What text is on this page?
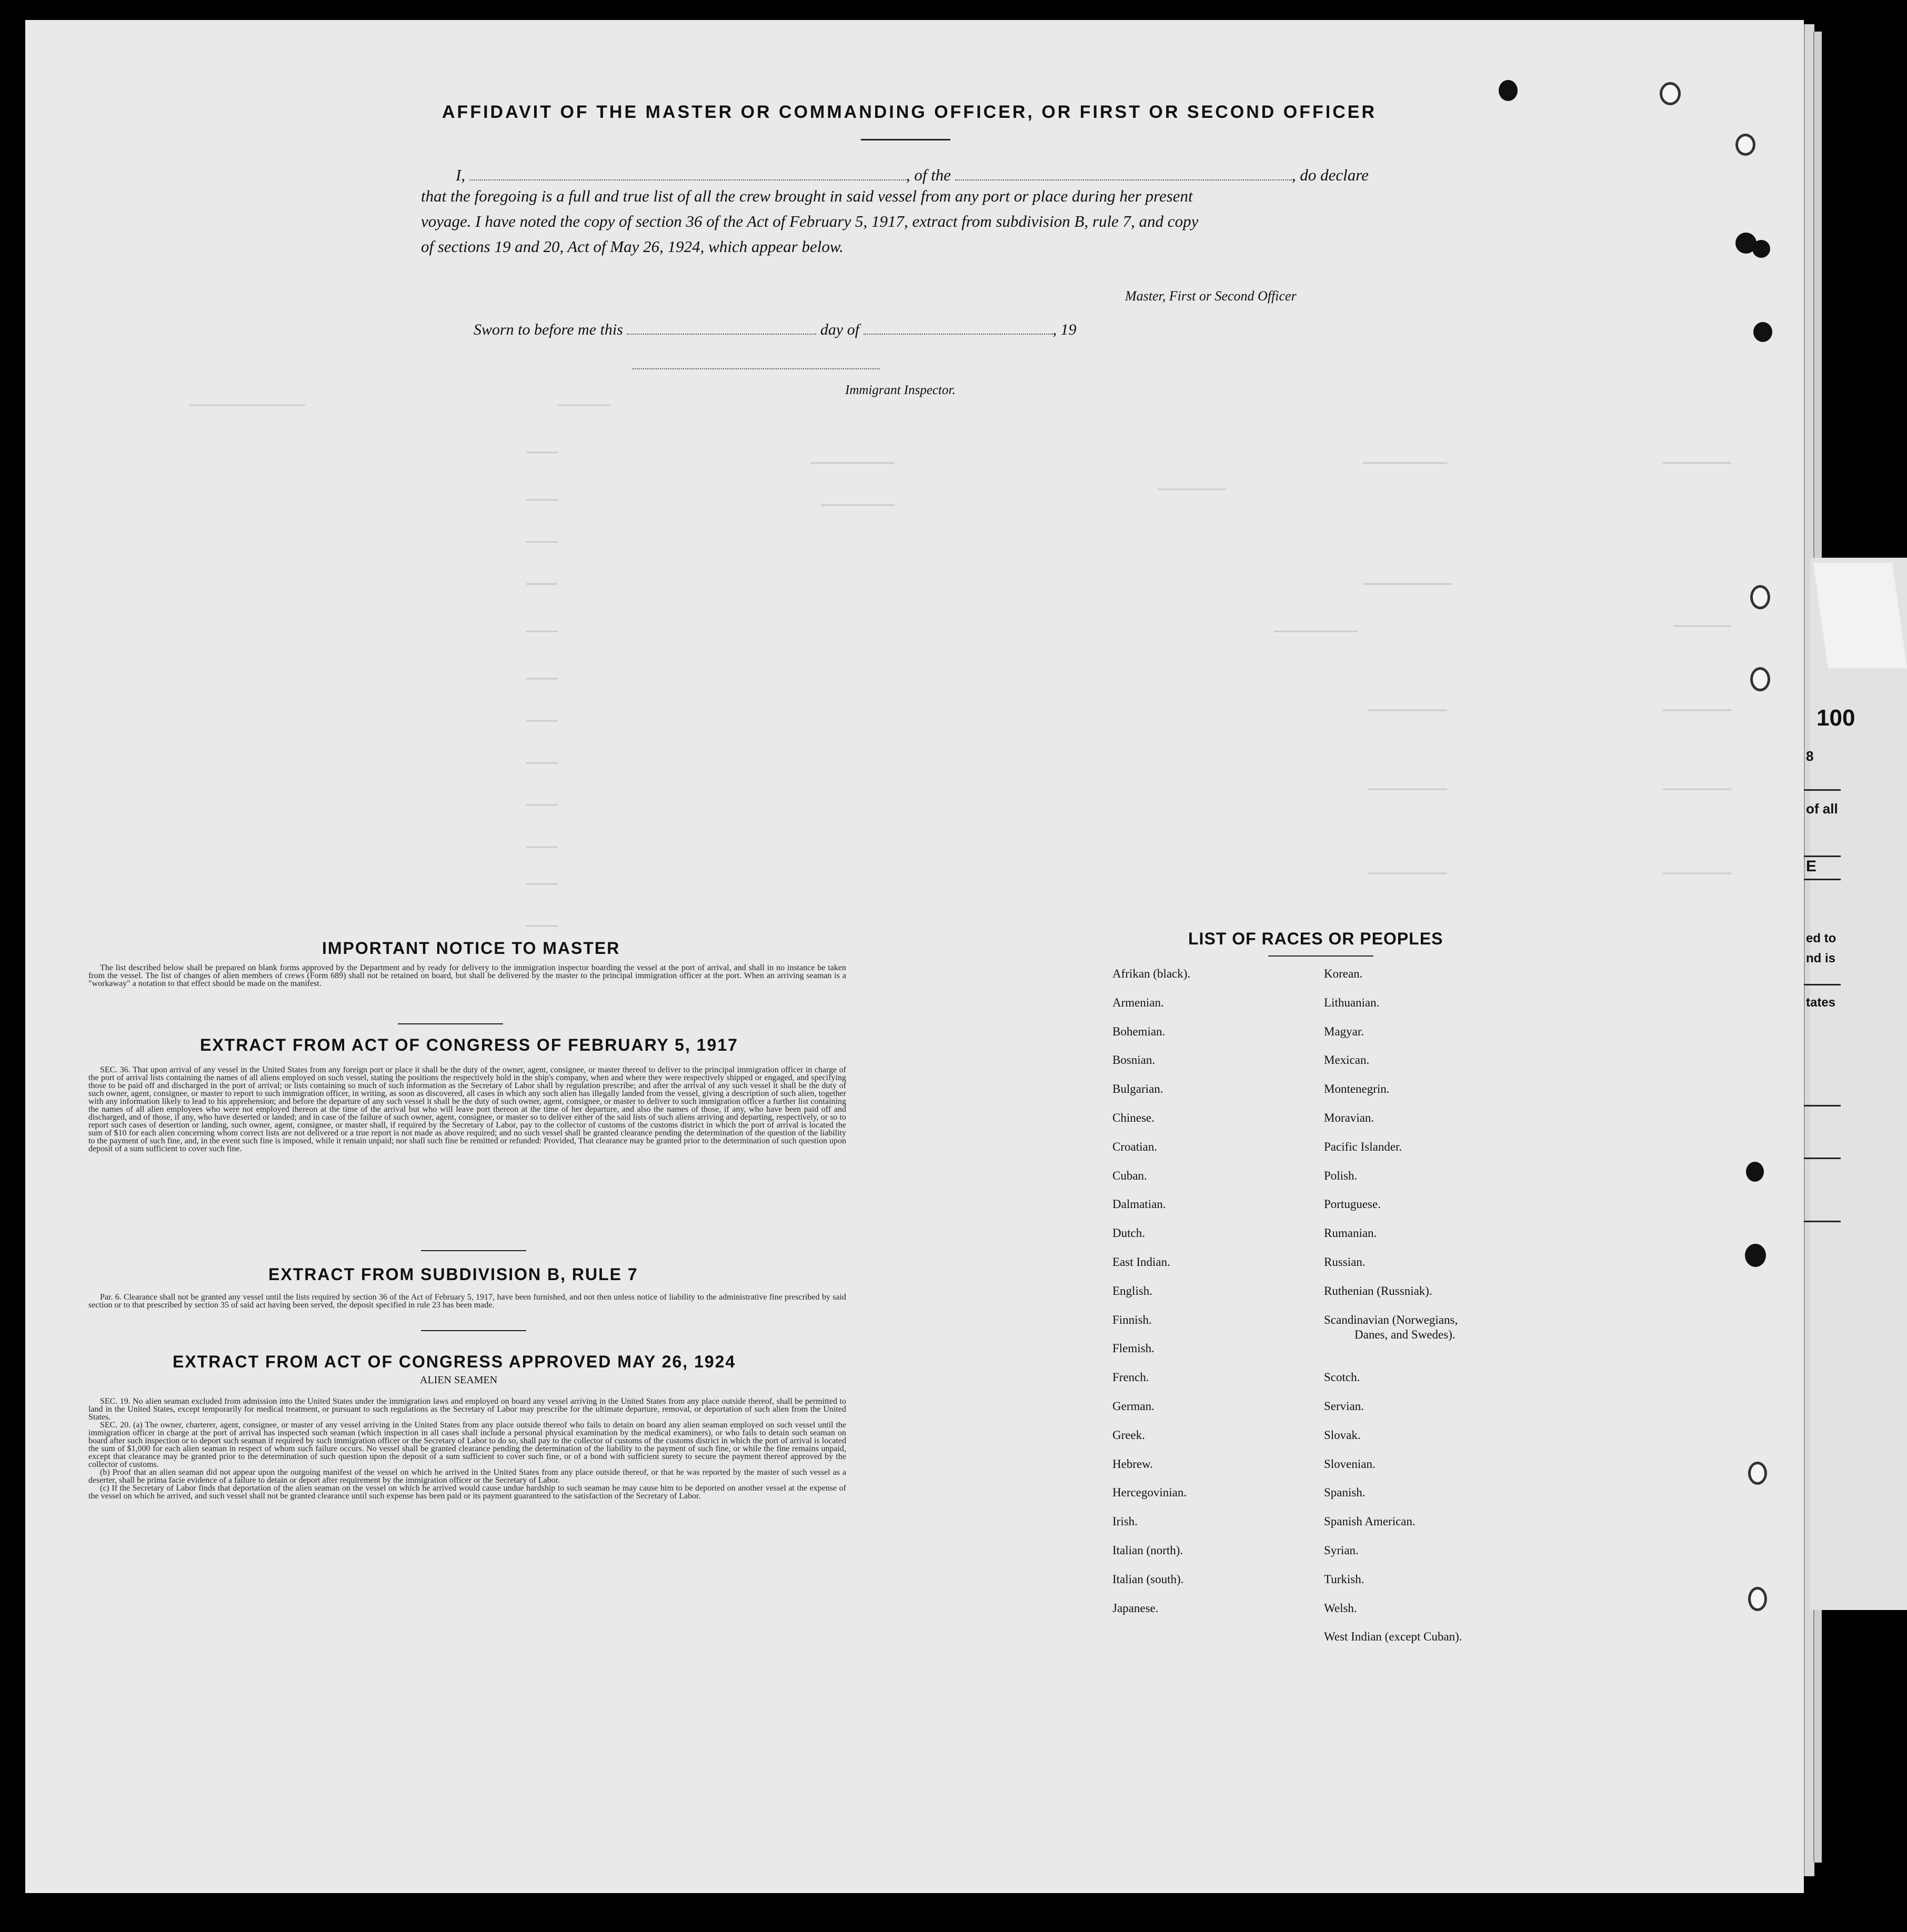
100
8
of all
E
ed to
nd is
tates
AFFIDAVIT OF THE MASTER OR COMMANDING OFFICER, OR FIRST OR SECOND OFFICER
I,	, of the	, do declare
that the foregoing is a full and true list of all the crew brought in said vessel from any port or place during her present
voyage. I have noted the copy of section 36 of the Act of February 5, 1917, extract from subdivision B, rule 7, and copy
of sections 19 and 20, Act of May 26, 1924, which appear below.
Master, First or Second Officer
Sworn to before me this	day of	, 19
Immigrant Inspector.
IMPORTANT NOTICE TO MASTER

The list described below shall be prepared on blank forms approved by the Department and by ready for delivery to the immigration inspector boarding the vessel at the port of arrival, and shall in no instance be taken from the vessel. The list of changes of alien members of crews (Form 689) shall not be retained on board, but shall be delivered by the master to the principal immigration officer at the port. When an arriving seaman is a "workaway" a notation to that effect should be made on the manifest.

EXTRACT FROM ACT OF CONGRESS OF FEBRUARY 5, 1917

SEC. 36. That upon arrival of any vessel in the United States from any foreign port or place it shall be the duty of the owner, agent, consignee, or master thereof to deliver to the principal immigration officer in charge of the port of arrival lists containing the names of all aliens employed on such vessel, stating the positions the respectively hold in the ship's company, when and where they were respectively shipped or engaged, and specifying those to be paid off and discharged in the port of arrival; or lists containing so much of such information as the Secretary of Labor shall by regulation prescribe; and after the arrival of any such vessel it shall be the duty of such owner, agent, consignee, or master to report to such immigration officer, in writing, as soon as discovered, all cases in which any such alien has illegally landed from the vessel, giving a description of such alien, together with any information likely to lead to his apprehension; and before the departure of any such vessel it shall be the duty of such owner, agent, consignee, or master to deliver to such immigration officer a further list containing the names of all alien employees who were not employed thereon at the time of the arrival but who will leave port thereon at the time of her departure, and also the names of those, if any, who have been paid off and discharged, and of those, if any, who have deserted or landed; and in case of the failure of such owner, agent, consignee, or master so to deliver either of the said lists of such aliens arriving and departing, respectively, or so to report such cases of desertion or landing, such owner, agent, consignee, or master shall, if required by the Secretary of Labor, pay to the collector of customs of the customs district in which the port of arrival is located the sum of $10 for each alien concerning whom correct lists are not delivered or a true report is not made as above required; and no such vessel shall be granted clearance pending the determination of the question of the liability to the payment of such fine, and, in the event such fine is imposed, while it remain unpaid; nor shall such fine be remitted or refunded: Provided, That clearance may be granted prior to the determination of such question upon deposit of a sum sufficient to cover such fine.

EXTRACT FROM SUBDIVISION B, RULE 7

Par. 6. Clearance shall not be granted any vessel until the lists required by section 36 of the Act of February 5, 1917, have been furnished, and not then unless notice of liability to the administrative fine prescribed by said section or to that prescribed by section 35 of said act having been served, the deposit specified in rule 23 has been made.

EXTRACT FROM ACT OF CONGRESS APPROVED MAY 26, 1924
ALIEN SEAMEN

SEC. 19. No alien seaman excluded from admission into the United States under the immigration laws and employed on board any vessel arriving in the United States from any place outside thereof, shall be permitted to land in the United States, except temporarily for medical treatment, or pursuant to such regulations as the Secretary of Labor may prescribe for the ultimate departure, removal, or deportation of such alien from the United States.

SEC. 20. (a) The owner, charterer, agent, consignee, or master of any vessel arriving in the United States from any place outside thereof who fails to detain on board any alien seaman employed on such vessel until the immigration officer in charge at the port of arrival has inspected such seaman (which inspection in all cases shall include a personal physical examination by the medical examiners), or who fails to detain such seaman on board after such inspection or to deport such seaman if required by such immigration officer or the Secretary of Labor to do so, shall pay to the collector of customs of the customs district in which the port of arrival is located the sum of $1,000 for each alien seaman in respect of whom such failure occurs. No vessel shall be granted clearance pending the determination of the liability to the payment of such fine, or while the fine remains unpaid, except that clearance may be granted prior to the determination of such question upon the deposit of a sum sufficient to cover such fine, or of a bond with sufficient surety to secure the payment thereof approved by the collector of customs.

(b) Proof that an alien seaman did not appear upon the outgoing manifest of the vessel on which he arrived in the United States from any place outside thereof, or that he was reported by the master of such vessel as a deserter, shall be prima facie evidence of a failure to detain or deport after requirement by the immigration officer or the Secretary of Labor.

(c) If the Secretary of Labor finds that deportation of the alien seaman on the vessel on which he arrived would cause undue hardship to such seaman he may cause him to be deported on another vessel at the expense of the vessel on which he arrived, and such vessel shall not be granted clearance until such expense has been paid or its payment guaranteed to the satisfaction of the Secretary of Labor.

LIST OF RACES OR PEOPLES
Afrikan (black).
Armenian.
Bohemian.
Bosnian.
Bulgarian.
Chinese.
Croatian.
Cuban.
Dalmatian.
Dutch.
East Indian.
English.
Finnish.
Flemish.
French.
German.
Greek.
Hebrew.
Hercegovinian.
Irish.
Italian (north).
Italian (south).
Japanese.
Korean.
Lithuanian.
Magyar.
Mexican.
Montenegrin.
Moravian.
Pacific Islander.
Polish.
Portuguese.
Rumanian.
Russian.
Ruthenian (Russniak).
Scandinavian (Norwegians,
Danes, and Swedes).
Scotch.
Servian.
Slovak.
Slovenian.
Spanish.
Spanish American.
Syrian.
Turkish.
Welsh.
West Indian (except Cuban).
